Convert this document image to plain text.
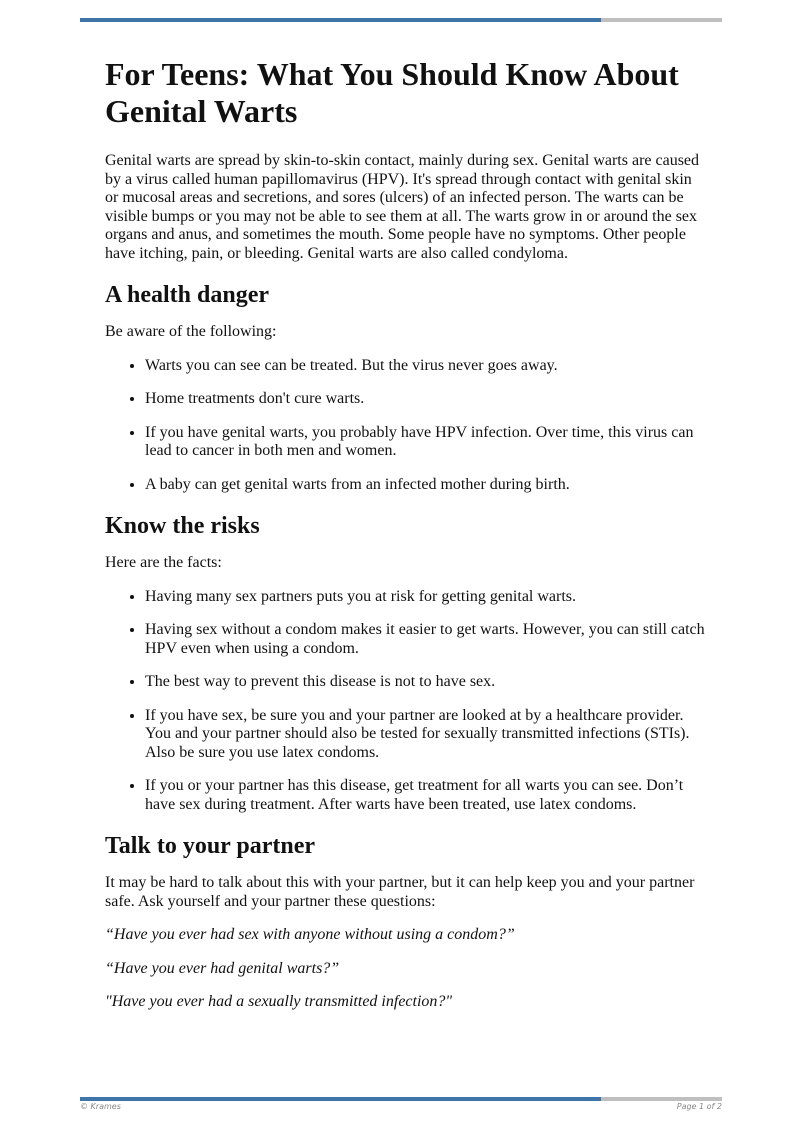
For Teens: What You Should Know About Genital Warts

Genital warts are spread by skin-to-skin contact, mainly during sex. Genital warts are caused by a virus called human papillomavirus (HPV). It's spread through contact with genital skin or mucosal areas and secretions, and sores (ulcers) of an infected person. The warts can be visible bumps or you may not be able to see them at all. The warts grow in or around the sex organs and anus, and sometimes the mouth. Some people have no symptoms. Other people have itching, pain, or bleeding. Genital warts are also called condyloma.

A health danger

Be aware of the following:

• Warts you can see can be treated. But the virus never goes away.
• Home treatments don't cure warts.
• If you have genital warts, you probably have HPV infection. Over time, this virus can lead to cancer in both men and women.
• A baby can get genital warts from an infected mother during birth.
Know the risks

Here are the facts:

• Having many sex partners puts you at risk for getting genital warts.
• Having sex without a condom makes it easier to get warts. However, you can still catch HPV even when using a condom.
• The best way to prevent this disease is not to have sex.
• If you have sex, be sure you and your partner are looked at by a healthcare provider. You and your partner should also be tested for sexually transmitted infections (STIs). Also be sure you use latex condoms.
• If you or your partner has this disease, get treatment for all warts you can see. Don’t have sex during treatment. After warts have been treated, use latex condoms.
Talk to your partner

It may be hard to talk about this with your partner, but it can help keep you and your partner safe. Ask yourself and your partner these questions:

“Have you ever had sex with anyone without using a condom?”

“Have you ever had genital warts?”

"Have you ever had a sexually transmitted infection?"

© Krames	Page 1 of 2
